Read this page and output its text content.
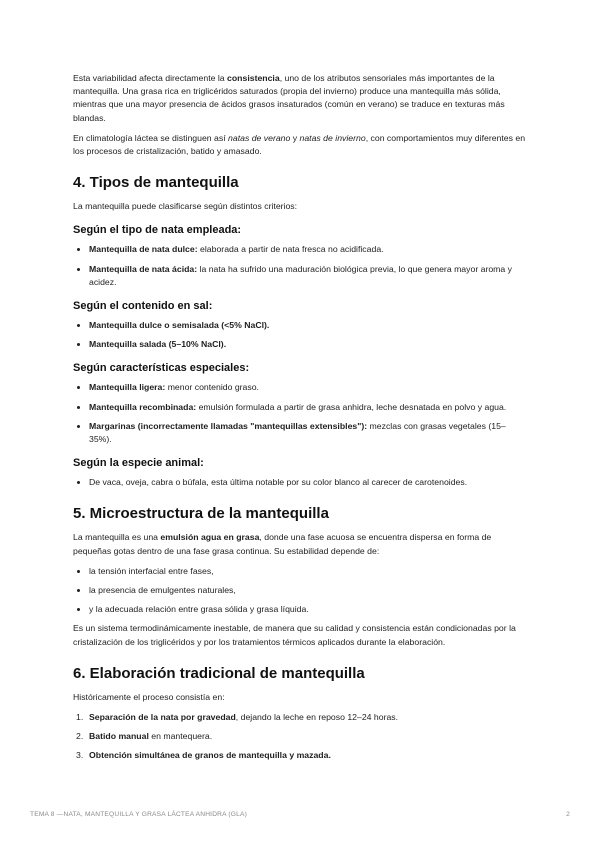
Esta variabilidad afecta directamente la consistencia, uno de los atributos sensoriales más importantes de la mantequilla. Una grasa rica en triglicéridos saturados (propia del invierno) produce una mantequilla más sólida, mientras que una mayor presencia de ácidos grasos insaturados (común en verano) se traduce en texturas más blandas.

En climatología láctea se distinguen así natas de verano y natas de invierno, con comportamientos muy diferentes en los procesos de cristalización, batido y amasado.

4. Tipos de mantequilla

La mantequilla puede clasificarse según distintos criterios:

Según el tipo de nata empleada:
Mantequilla de nata dulce: elaborada a partir de nata fresca no acidificada.
Mantequilla de nata ácida: la nata ha sufrido una maduración biológica previa, lo que genera mayor aroma y acidez.
Según el contenido en sal:
Mantequilla dulce o semisalada (<5% NaCl).
Mantequilla salada (5–10% NaCl).
Según características especiales:
Mantequilla ligera: menor contenido graso.
Mantequilla recombinada: emulsión formulada a partir de grasa anhidra, leche desnatada en polvo y agua.
Margarinas (incorrectamente llamadas "mantequillas extensibles"): mezclas con grasas vegetales (15–35%).
Según la especie animal:
De vaca, oveja, cabra o búfala, esta última notable por su color blanco al carecer de carotenoides.
5. Microestructura de la mantequilla

La mantequilla es una emulsión agua en grasa, donde una fase acuosa se encuentra dispersa en forma de pequeñas gotas dentro de una fase grasa continua. Su estabilidad depende de:

la tensión interfacial entre fases,
la presencia de emulgentes naturales,
y la adecuada relación entre grasa sólida y grasa líquida.

Es un sistema termodinámicamente inestable, de manera que su calidad y consistencia están condicionadas por la cristalización de los triglicéridos y por los tratamientos térmicos aplicados durante la elaboración.

6. Elaboración tradicional de mantequilla

Históricamente el proceso consistía en:

1. Separación de la nata por gravedad, dejando la leche en reposo 12–24 horas.
2. Batido manual en mantequera.
3. Obtención simultánea de granos de mantequilla y mazada.
TEMA 8 —NATA, MANTEQUILLA Y GRASA LÁCTEA ANHIDRA (GLA)	2
